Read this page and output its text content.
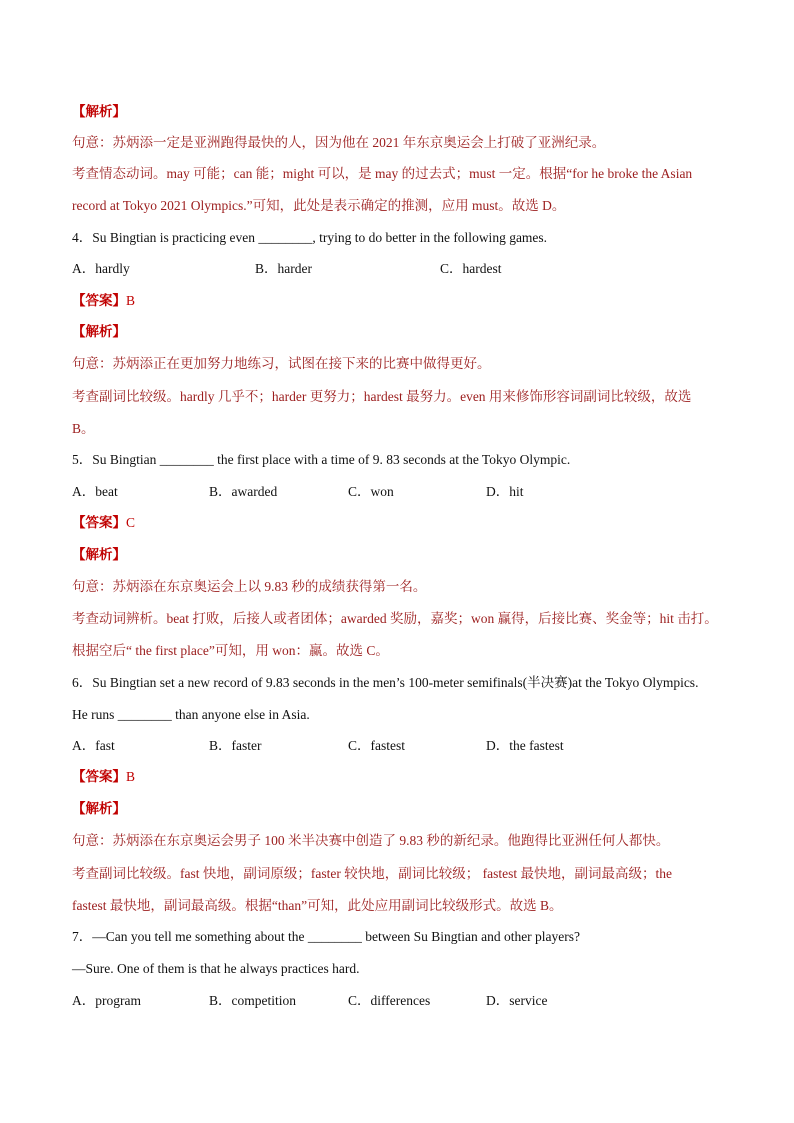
【解析】
句意：苏炳添一定是亚洲跑得最快的人，因为他在 2021 年东京奥运会上打破了亚洲纪录。
考查情态动词。may 可能；can 能；might 可以，是 may 的过去式；must 一定。根据“for he broke the Asian
record at Tokyo 2021 Olympics.”可知，此处是表示确定的推测，应用 must。故选 D。
4．Su Bingtian is practicing even ________, trying to do better in the following games.
A．hardly	B．harder	C．hardest
【答案】B
【解析】
句意：苏炳添正在更加努力地练习，试图在接下来的比赛中做得更好。
考查副词比较级。hardly 几乎不；harder 更努力；hardest 最努力。even 用来修饰形容词副词比较级，故选
B。
5．Su Bingtian ________ the first place with a time of 9. 83 seconds at the Tokyo Olympic.
A．beat	B．awarded	C．won	D．hit
【答案】C
【解析】
句意：苏炳添在东京奥运会上以 9.83 秒的成绩获得第一名。
考查动词辨析。beat 打败，后接人或者团体；awarded 奖励，嘉奖；won 赢得，后接比赛、奖金等；hit 击打。
根据空后“ the first place”可知，用 won：赢。故选 C。
6．Su Bingtian set a new record of 9.83 seconds in the men’s 100-meter semifinals(半决赛)at the Tokyo Olympics.
He runs ________ than anyone else in Asia.
A．fast	B．faster	C．fastest	D．the fastest
【答案】B
【解析】
句意：苏炳添在东京奥运会男子 100 米半决赛中创造了 9.83 秒的新纪录。他跑得比亚洲任何人都快。
考查副词比较级。fast 快地，副词原级；faster 较快地，副词比较级； fastest 最快地，副词最高级；the
fastest 最快地，副词最高级。根据“than”可知，此处应用副词比较级形式。故选 B。
7．—Can you tell me something about the ________ between Su Bingtian and other players?
—Sure. One of them is that he always practices hard.
A．program	B．competition	C．differences	D．service
